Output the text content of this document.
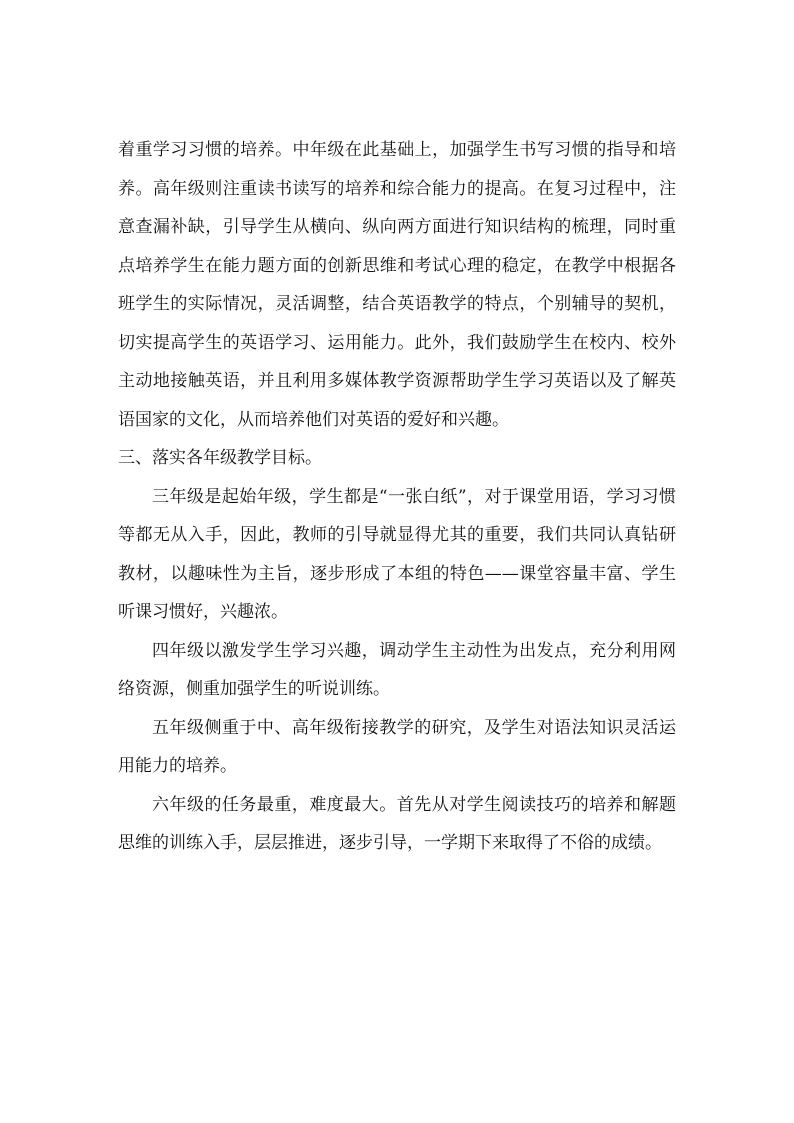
着重学习习惯的培养。中年级在此基础上，加强学生书写习惯的指导和培养。高年级则注重读书读写的培养和综合能力的提高。在复习过程中，注意查漏补缺，引导学生从横向、纵向两方面进行知识结构的梳理，同时重点培养学生在能力题方面的创新思维和考试心理的稳定，在教学中根据各班学生的实际情况，灵活调整，结合英语教学的特点，个别辅导的契机，切实提高学生的英语学习、运用能力。此外，我们鼓励学生在校内、校外主动地接触英语，并且利用多媒体教学资源帮助学生学习英语以及了解英语国家的文化，从而培养他们对英语的爱好和兴趣。

三、落实各年级教学目标。

三年级是起始年级，学生都是“一张白纸”，对于课堂用语，学习习惯等都无从入手，因此，教师的引导就显得尤其的重要，我们共同认真钻研教材，以趣味性为主旨，逐步形成了本组的特色——课堂容量丰富、学生听课习惯好，兴趣浓。

四年级以激发学生学习兴趣，调动学生主动性为出发点，充分利用网络资源，侧重加强学生的听说训练。

五年级侧重于中、高年级衔接教学的研究，及学生对语法知识灵活运用能力的培养。

六年级的任务最重，难度最大。首先从对学生阅读技巧的培养和解题思维的训练入手，层层推进，逐步引导，一学期下来取得了不俗的成绩。
